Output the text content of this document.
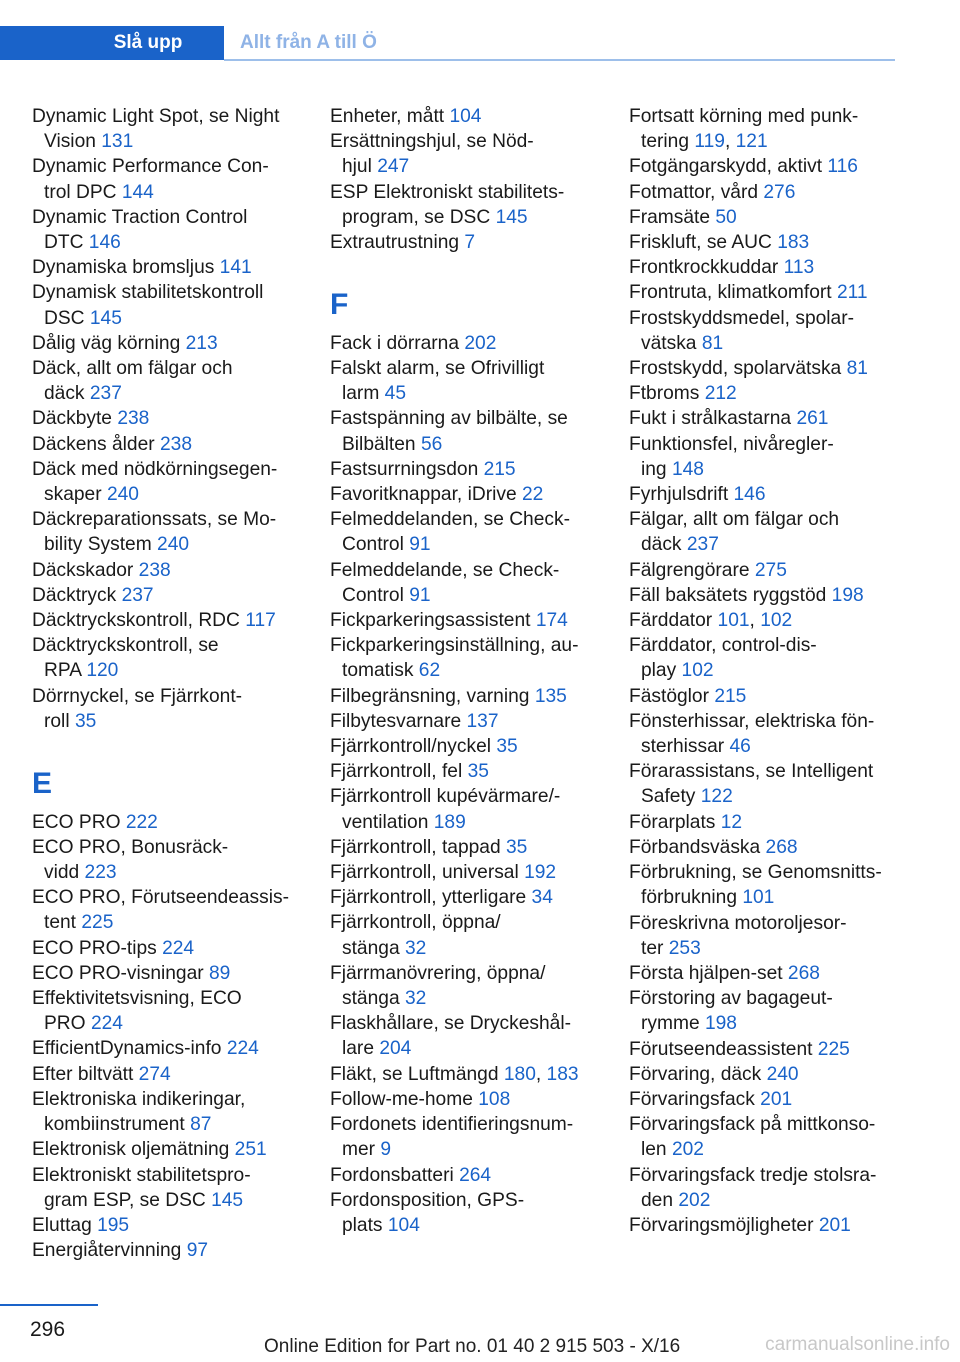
Slå upp	Allt från A till Ö
Dynamic Light Spot, se Night
Vision 131
Dynamic Performance Con-
trol DPC 144
Dynamic Traction Control
DTC 146
Dynamiska bromsljus 141
Dynamisk stabilitetskontroll
DSC 145
Dålig väg körning 213
Däck, allt om fälgar och
däck 237
Däckbyte 238
Däckens ålder 238
Däck med nödkörningsegen-
skaper 240
Däckreparationssats, se Mo-
bility System 240
Däckskador 238
Däcktryck 237
Däcktryckskontroll, RDC 117
Däcktryckskontroll, se
RPA 120
Dörrnyckel, se Fjärrkont-
roll 35
E
ECO PRO 222
ECO PRO, Bonusräck-
vidd 223
ECO PRO, Förutseendeassis-
tent 225
ECO PRO-tips 224
ECO PRO-visningar 89
Effektivitetsvisning, ECO
PRO 224
EfficientDynamics-info 224
Efter biltvätt 274
Elektroniska indikeringar,
kombiinstrument 87
Elektronisk oljemätning 251
Elektroniskt stabilitetspro-
gram ESP, se DSC 145
Eluttag 195
Energiåtervinning 97
Enheter, mått 104
Ersättningshjul, se Nöd-
hjul 247
ESP Elektroniskt stabilitets-
program, se DSC 145
Extrautrustning 7
F
Fack i dörrarna 202
Falskt alarm, se Ofrivilligt
larm 45
Fastspänning av bilbälte, se
Bilbälten 56
Fastsurrningsdon 215
Favoritknappar, iDrive 22
Felmeddelanden, se Check-
Control 91
Felmeddelande, se Check-
Control 91
Fickparkeringsassistent 174
Fickparkeringsinställning, au-
tomatisk 62
Filbegränsning, varning 135
Filbytesvarnare 137
Fjärrkontroll/nyckel 35
Fjärrkontroll, fel 35
Fjärrkontroll kupévärmare/-
ventilation 189
Fjärrkontroll, tappad 35
Fjärrkontroll, universal 192
Fjärrkontroll, ytterligare 34
Fjärrkontroll, öppna/
stänga 32
Fjärrmanövrering, öppna/
stänga 32
Flaskhållare, se Dryckeshål-
lare 204
Fläkt, se Luftmängd 180, 183
Follow-me-home 108
Fordonets identifieringsnum-
mer 9
Fordonsbatteri 264
Fordonsposition, GPS-
plats 104
Fortsatt körning med punk-
tering 119, 121
Fotgängarskydd, aktivt 116
Fotmattor, vård 276
Framsäte 50
Friskluft, se AUC 183
Frontkrockkuddar 113
Frontruta, klimatkomfort 211
Frostskyddsmedel, spolar-
vätska 81
Frostskydd, spolarvätska 81
Ftbroms 212
Fukt i strålkastarna 261
Funktionsfel, nivåregler-
ing 148
Fyrhjulsdrift 146
Fälgar, allt om fälgar och
däck 237
Fälgrengörare 275
Fäll baksätets ryggstöd 198
Färddator 101, 102
Färddator, control-dis-
play 102
Fästöglor 215
Fönsterhissar, elektriska fön-
sterhissar 46
Förarassistans, se Intelligent
Safety 122
Förarplats 12
Förbandsväska 268
Förbrukning, se Genomsnitts-
förbrukning 101
Föreskrivna motoroljesor-
ter 253
Första hjälpen-set 268
Förstoring av bagageut-
rymme 198
Förutseendeassistent 225
Förvaring, däck 240
Förvaringsfack 201
Förvaringsfack på mittkonso-
len 202
Förvaringsfack tredje stolsra-
den 202
Förvaringsmöjligheter 201
296
Online Edition for Part no. 01 40 2 915 503 - X/16	carmanualsonline.info
